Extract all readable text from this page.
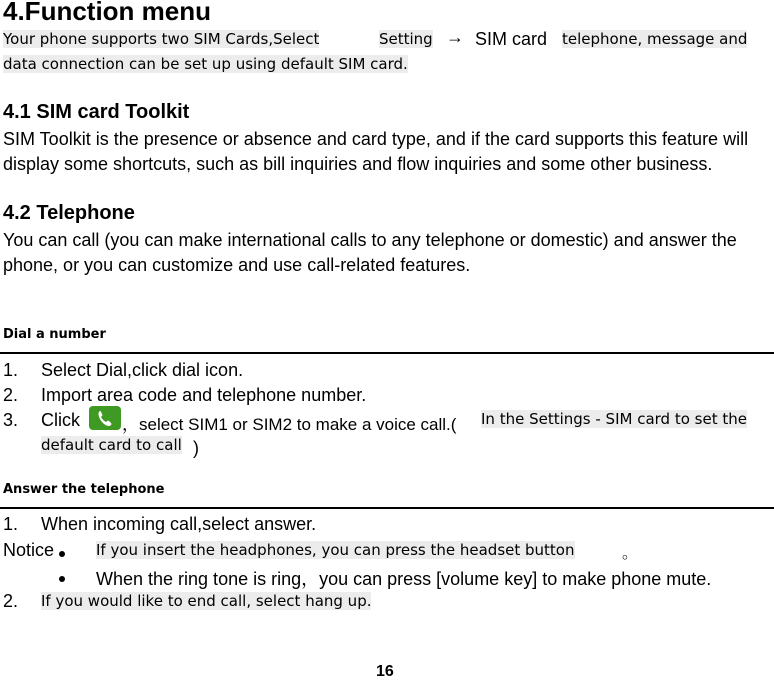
4.Function menu
Your phone supports two SIM Cards,Select	Setting → SIM card telephone, message and
data connection can be set up using default SIM card.
4.1 SIM card Toolkit
SIM Toolkit is the presence or absence and card type, and if the card supports this feature will
display some shortcuts, such as bill inquiries and flow inquiries and some other business.
4.2 Telephone
You can call (you can make international calls to any telephone or domestic) and answer the
phone, or you can customize and use call-related features.
Dial a number
1. Select Dial,click dial icon.
2. Import area code and telephone number.
3. Click ，select SIM1 or SIM2 to make a voice call.( In the Settings - SIM card to set the
default card to call )
Answer the telephone
1. When incoming call,select answer.
Notice	If you insert the headphones, you can press the headset button	。
When the ring tone is ring，you can press [volume key] to make phone mute.
2. If you would like to end call, select hang up.
16
